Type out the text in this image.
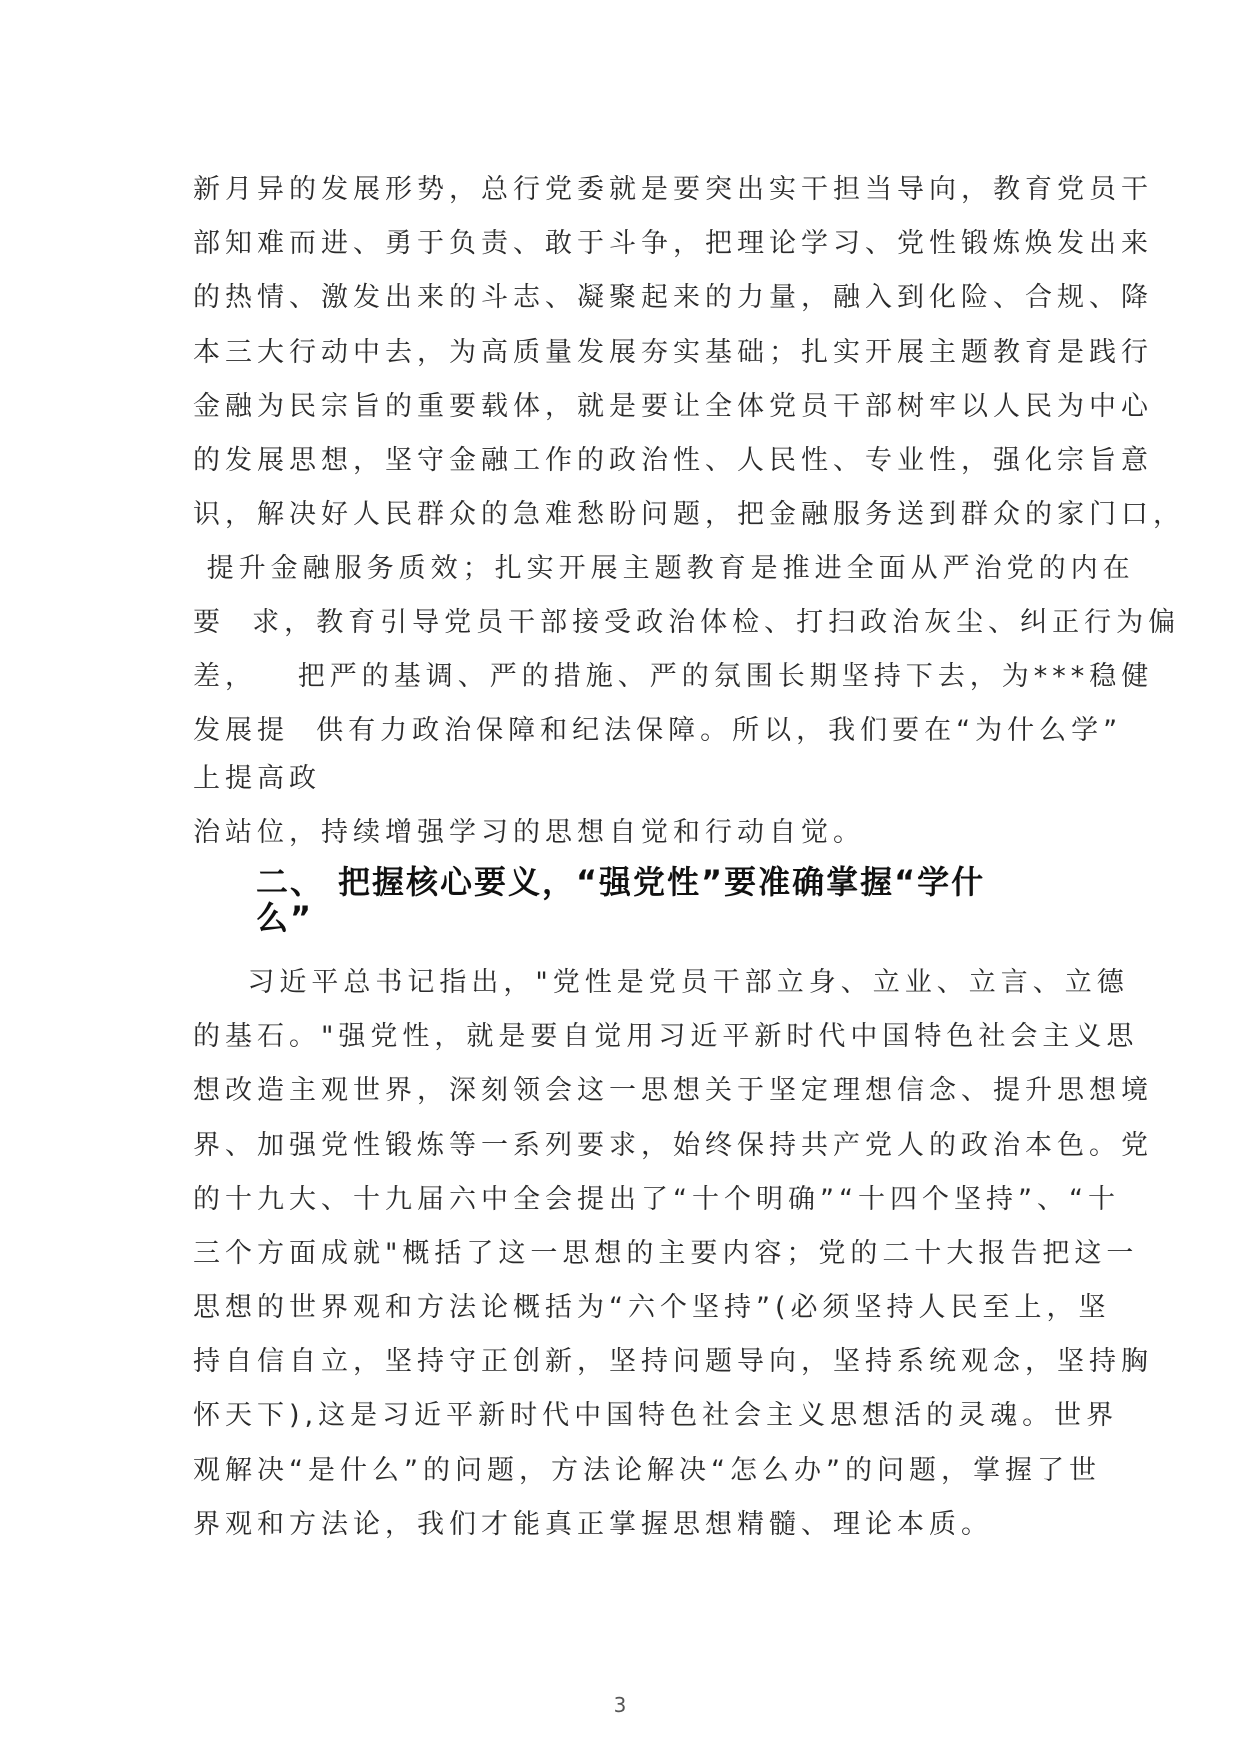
新月异的发展形势，总行党委就是要突出实干担当导向，教育党员干
部知难而进、勇于负责、敢于斗争，把理论学习、党性锻炼焕发出来
的热情、激发出来的斗志、凝聚起来的力量，融入到化险、合规、降
本三大行动中去，为高质量发展夯实基础；扎实开展主题教育是践行
金融为民宗旨的重要载体，就是要让全体党员干部树牢以人民为中心
的发展思想，坚守金融工作的政治性、人民性、专业性，强化宗旨意
识，解决好人民群众的急难愁盼问题，把金融服务送到群众的家门口，
提升金融服务质效；扎实开展主题教育是推进全面从严治党的内在
要  求，教育引导党员干部接受政治体检、打扫政治灰尘、纠正行为偏
差，   把严的基调、严的措施、严的氛围长期坚持下去，为***稳健
发展提  供有力政治保障和纪法保障。所以，我们要在“为什么学”
上提高政
治站位，持续增强学习的思想自觉和行动自觉。
二、 把握核心要义，“强党性”要准确掌握“学什
么”
习近平总书记指出，"党性是党员干部立身、立业、立言、立德
的基石。"强党性，就是要自觉用习近平新时代中国特色社会主义思
想改造主观世界，深刻领会这一思想关于坚定理想信念、提升思想境
界、加强党性锻炼等一系列要求，始终保持共产党人的政治本色。党
的十九大、十九届六中全会提出了“十个明确”“十四个坚持”、“十
三个方面成就"概括了这一思想的主要内容；党的二十大报告把这一
思想的世界观和方法论概括为“六个坚持”(必须坚持人民至上，坚
持自信自立，坚持守正创新，坚持问题导向，坚持系统观念，坚持胸
怀天下),这是习近平新时代中国特色社会主义思想活的灵魂。世界
观解决“是什么”的问题，方法论解决“怎么办”的问题，掌握了世
界观和方法论，我们才能真正掌握思想精髓、理论本质。
3
